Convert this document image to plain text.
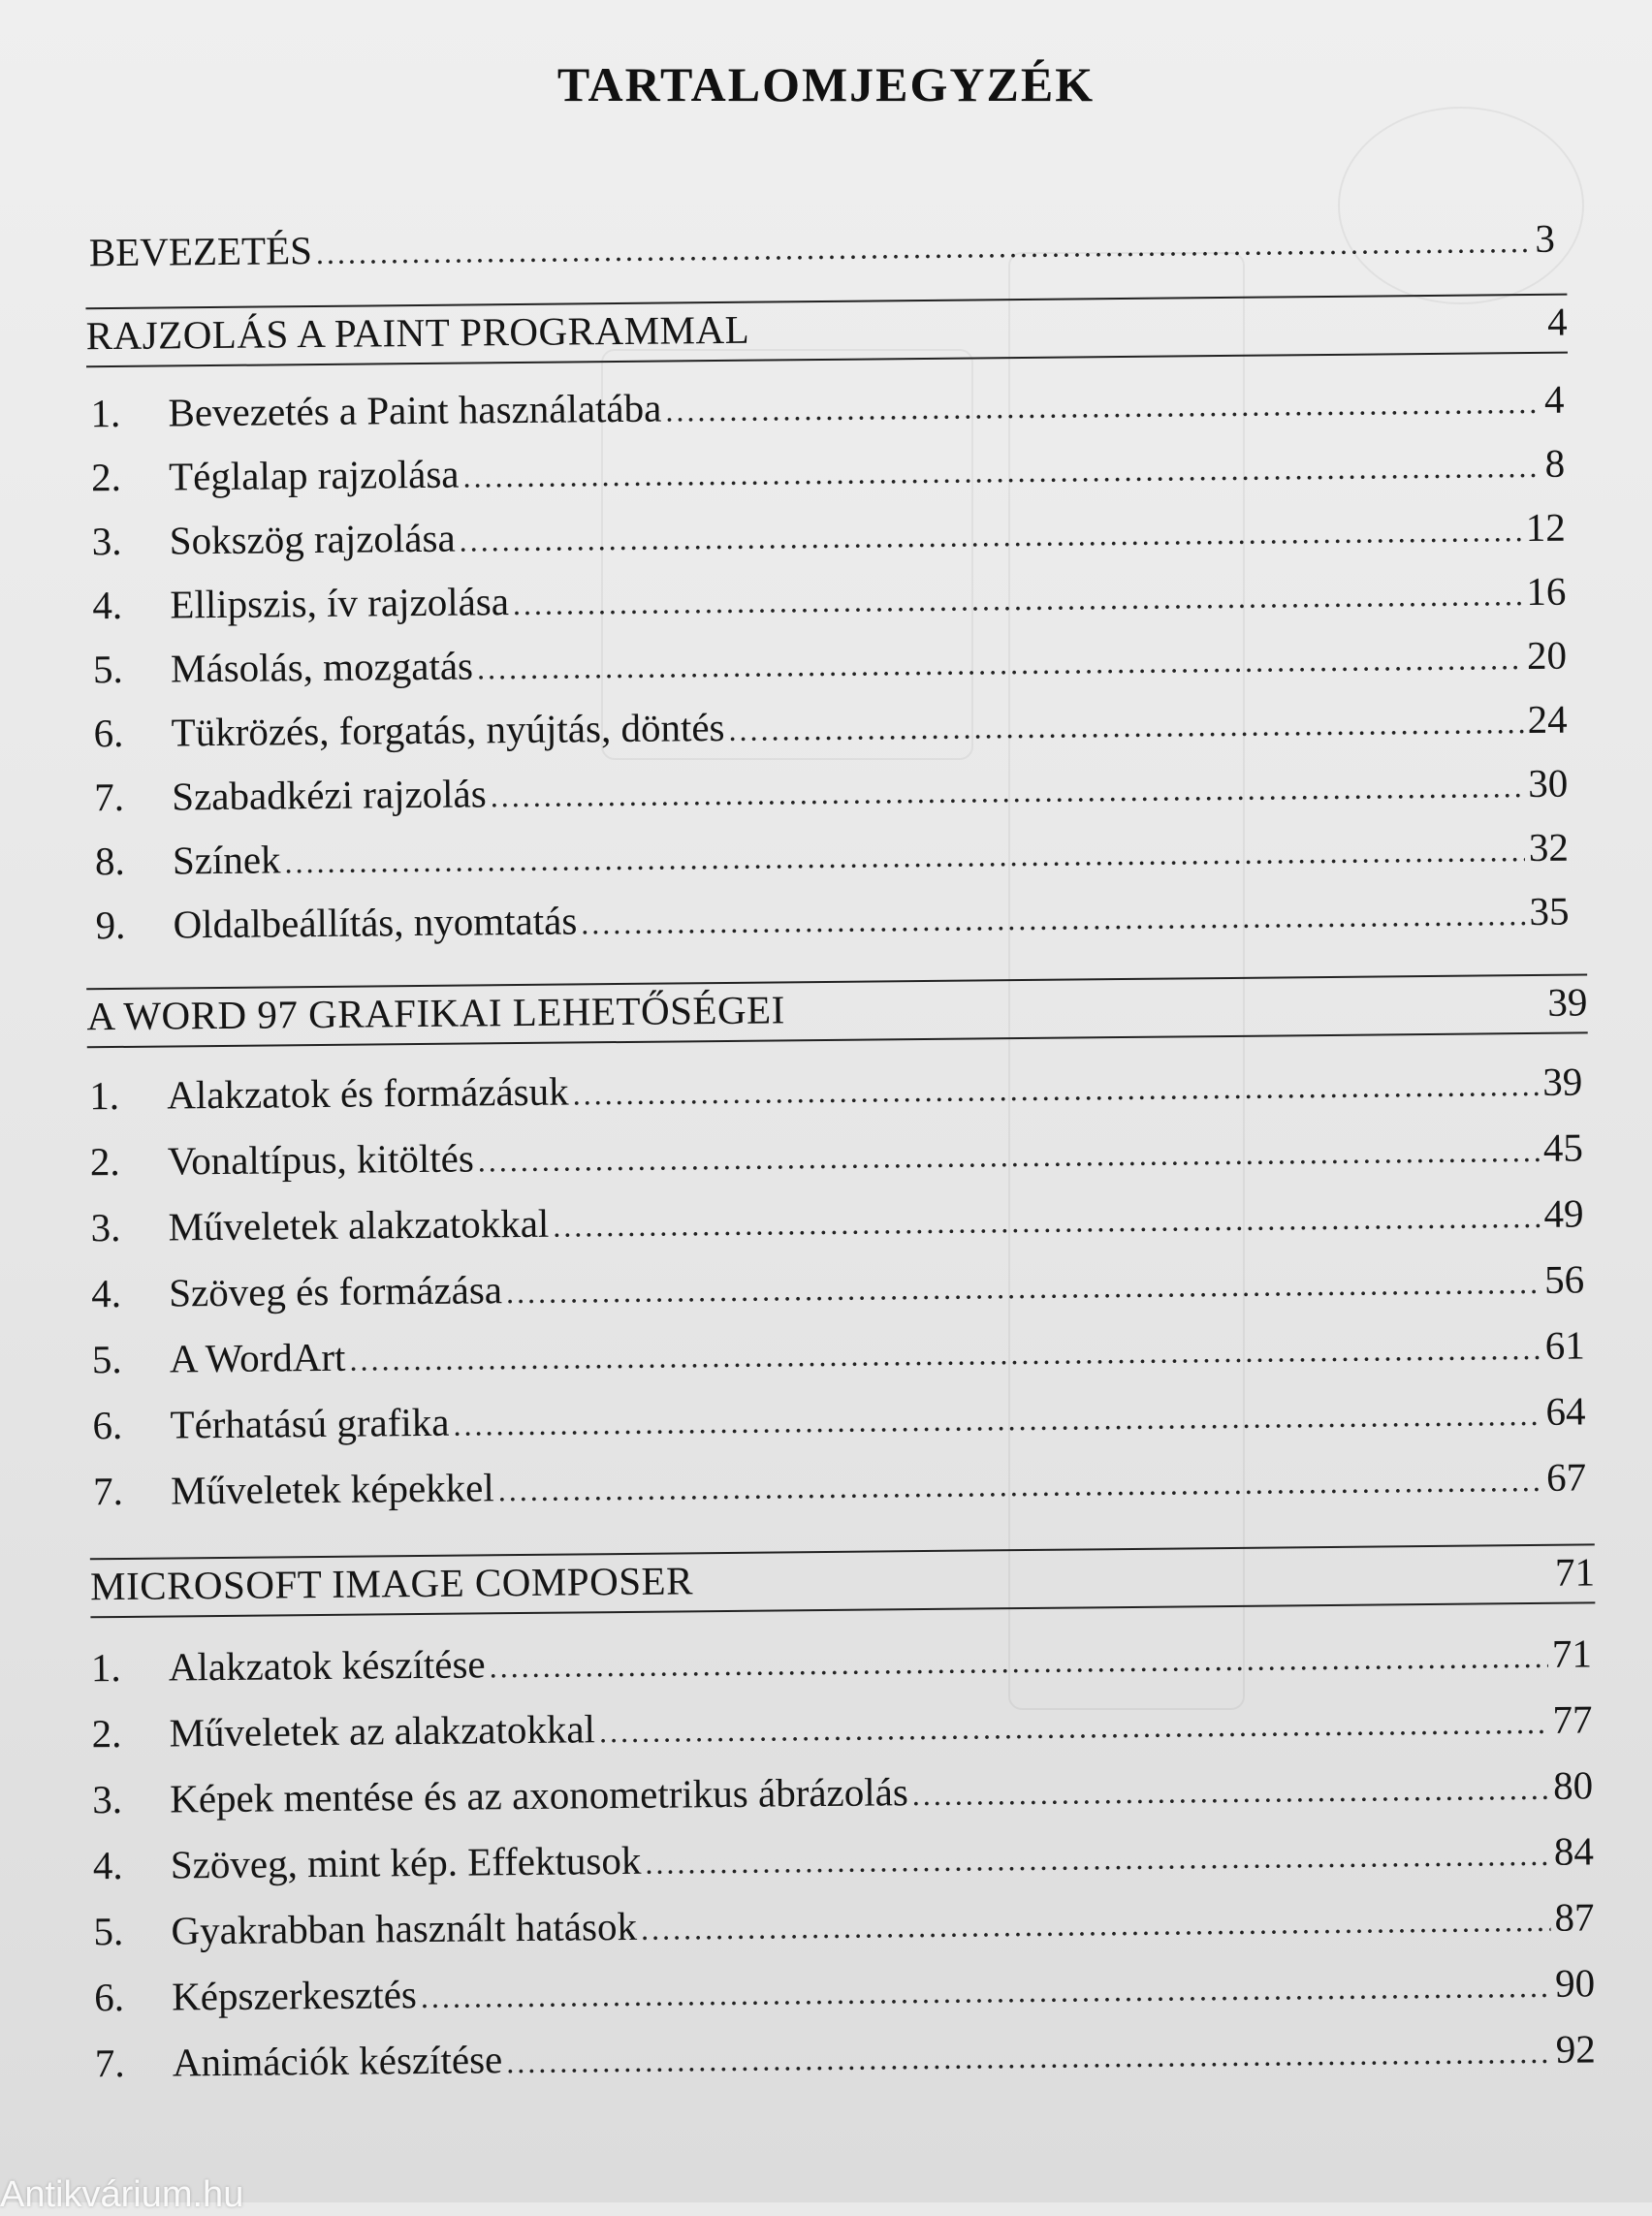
TARTALOMJEGYZÉK
BEVEZETÉS .....	3
RAJZOLÁS A PAINT PROGRAMMAL	4
1.	Bevezetés a Paint használatába .....	4
2.	Téglalap rajzolása .....	8
3.	Sokszög rajzolása .....	12
4.	Ellipszis, ív rajzolása .....	16
5.	Másolás, mozgatás .....	20
6.	Tükrözés, forgatás, nyújtás, döntés .....	24
7.	Szabadkézi rajzolás .....	30
8.	Színek .....	32
9.	Oldalbeállítás, nyomtatás .....	35
A WORD 97 GRAFIKAI LEHETŐSÉGEI	39
1.	Alakzatok és formázásuk .....	39
2.	Vonaltípus, kitöltés .....	45
3.	Műveletek alakzatokkal .....	49
4.	Szöveg és formázása .....	56
5.	A WordArt .....	61
6.	Térhatású grafika .....	64
7.	Műveletek képekkel .....	67
MICROSOFT IMAGE COMPOSER	71
1.	Alakzatok készítése .....	71
2.	Műveletek az alakzatokkal .....	77
3.	Képek mentése és az axonometrikus ábrázolás .....	80
4.	Szöveg, mint kép. Effektusok .....	84
5.	Gyakrabban használt hatások .....	87
6.	Képszerkesztés .....	90
7.	Animációk készítése .....	92
Antikvárium.hu
